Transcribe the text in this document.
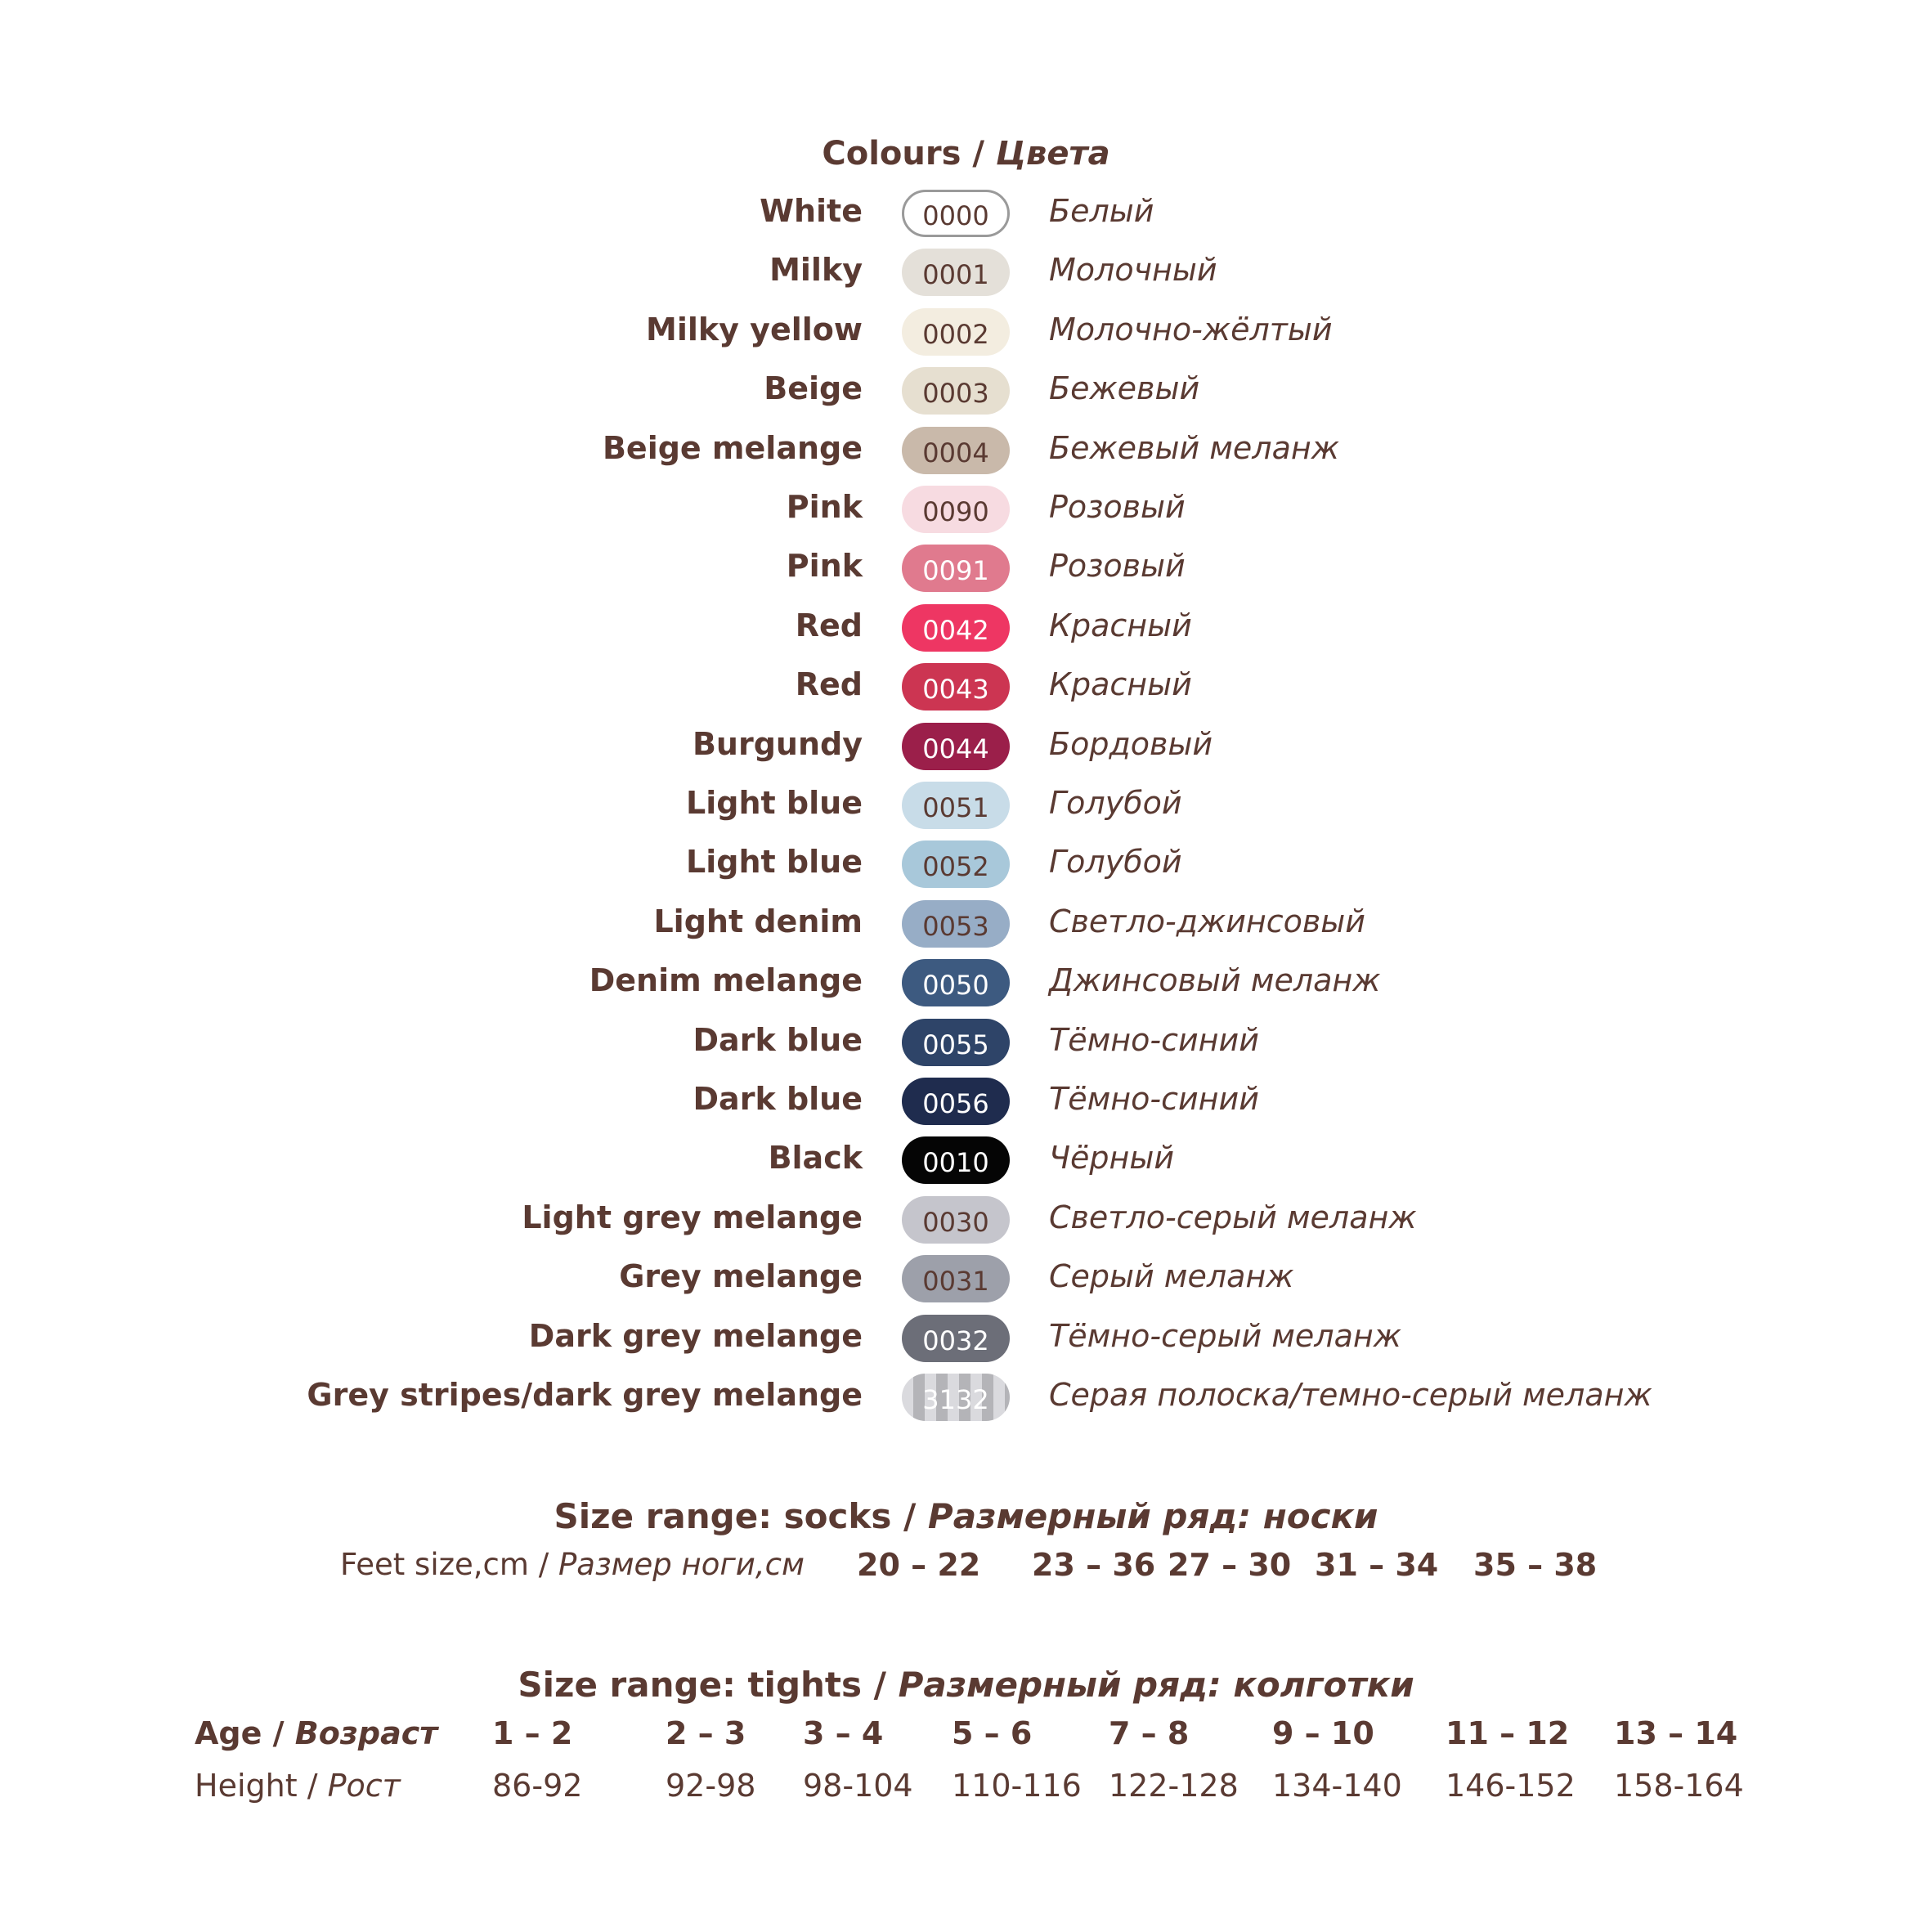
Colours / Цвета
White 0000 Белый
Milky 0001 Молочный
Milky yellow 0002 Молочно-жёлтый
Beige 0003 Бежевый
Beige melange 0004 Бежевый меланж
Pink 0090 Розовый
Pink 0091 Розовый
Red 0042 Красный
Red 0043 Красный
Burgundy 0044 Бордовый
Light blue 0051 Голубой
Light blue 0052 Голубой
Light denim 0053 Светло-джинсовый
Denim melange 0050 Джинсовый меланж
Dark blue 0055 Тёмно-синий
Dark blue 0056 Тёмно-синий
Black 0010 Чёрный
Light grey melange 0030 Светло-серый меланж
Grey melange 0031 Серый меланж
Dark grey melange 0032 Тёмно-серый меланж
Grey stripes/dark grey melange 3132 Серая полоска/темно-серый меланж
Size range: socks / Размерный ряд: носки
Feet size,cm / Размер ноги,см 20 – 22 23 – 36 27 – 30 31 – 34 35 – 38
Size range: tights / Размерный ряд: колготки
Age / Возраст 1 – 2	2 – 3 3 – 4 5 – 6 7 – 8	9 – 10 11 – 12 13 – 14
Height / Рост	86-92	92-98 98-104 110-116 122-128 134-140 146-152 158-164
